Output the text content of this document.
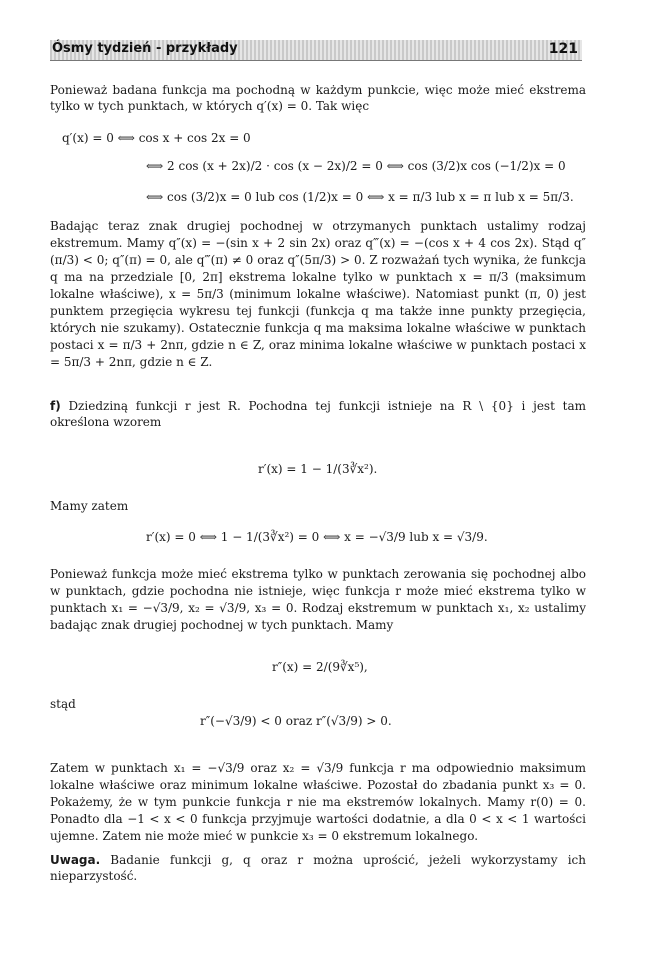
Ósmy tydzień - przykłady	121
Ponieważ badana funkcja ma pochodną w każdym punkcie, więc może mieć ekstrema tylko w tych punktach, w których q′(x) = 0. Tak więc
q′(x) = 0 ⟺ cos x + cos 2x = 0
⟺ 2 cos (x + 2x)/2 · cos (x − 2x)/2 = 0 ⟺ cos (3/2)x cos (−1/2)x = 0
⟺ cos (3/2)x = 0 lub cos (1/2)x = 0 ⟺ x = π/3 lub x = π lub x = 5π/3.
Badając teraz znak drugiej pochodnej w otrzymanych punktach ustalimy rodzaj ekstremum. Mamy q″(x) = −(sin x + 2 sin 2x) oraz q‴(x) = −(cos x + 4 cos 2x). Stąd q″(π/3) < 0; q″(π) = 0, ale q‴(π) ≠ 0 oraz q″(5π/3) > 0. Z rozważań tych wynika, że funkcja q ma na przedziale [0, 2π] ekstrema lokalne tylko w punktach x = π/3 (maksimum lokalne właściwe), x = 5π/3 (minimum lokalne właściwe). Natomiast punkt (π, 0) jest punktem przegięcia wykresu tej funkcji (funkcja q ma także inne punkty przegięcia, których nie szukamy). Ostatecznie funkcja q ma maksima lokalne właściwe w punktach postaci x = π/3 + 2nπ, gdzie n ∈ Z, oraz minima lokalne właściwe w punktach postaci x = 5π/3 + 2nπ, gdzie n ∈ Z.
f) Dziedziną funkcji r jest R. Pochodna tej funkcji istnieje na R \ {0} i jest tam określona wzorem
r′(x) = 1 − 1/(3∛x²).
Mamy zatem
r′(x) = 0 ⟺ 1 − 1/(3∛x²) = 0 ⟺ x = −√3/9 lub x = √3/9.
Ponieważ funkcja może mieć ekstrema tylko w punktach zerowania się pochodnej albo w punktach, gdzie pochodna nie istnieje, więc funkcja r może mieć ekstrema tylko w punktach x₁ = −√3/9, x₂ = √3/9, x₃ = 0. Rodzaj ekstremum w punktach x₁, x₂ ustalimy badając znak drugiej pochodnej w tych punktach. Mamy
r″(x) = 2/(9∛x⁵),
stąd
r″(−√3/9) < 0 oraz r″(√3/9) > 0.
Zatem w punktach x₁ = −√3/9 oraz x₂ = √3/9 funkcja r ma odpowiednio maksimum lokalne właściwe oraz minimum lokalne właściwe. Pozostał do zbadania punkt x₃ = 0. Pokażemy, że w tym punkcie funkcja r nie ma ekstremów lokalnych. Mamy r(0) = 0. Ponadto dla −1 < x < 0 funkcja przyjmuje wartości dodatnie, a dla 0 < x < 1 wartości ujemne. Zatem nie może mieć w punkcie x₃ = 0 ekstremum lokalnego.
Uwaga. Badanie funkcji g, q oraz r można uprościć, jeżeli wykorzystamy ich nieparzystość.
